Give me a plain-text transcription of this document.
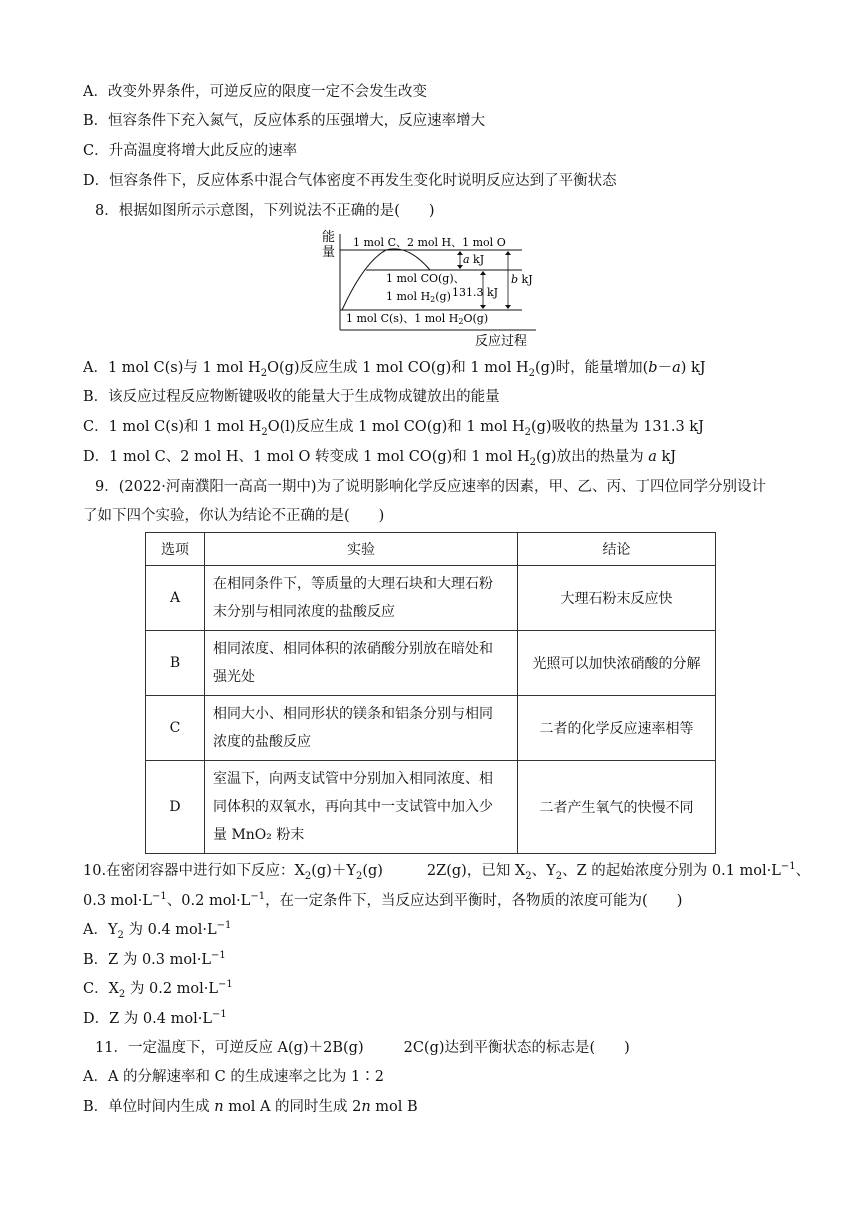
A．改变外界条件，可逆反应的限度一定不会发生改变
B．恒容条件下充入氮气，反应体系的压强增大，反应速率增大
C．升高温度将增大此反应的速率
D．恒容条件下，反应体系中混合气体密度不再发生变化时说明反应达到了平衡状态
8．根据如图所示示意图，下列说法不正确的是(　　)
能
量
反应过程
1 mol C、2 mol H、1 mol O
1 mol CO(g)、
1 mol H2(g)
1 mol C(s)、1 mol H2O(g)
a kJ
131.3 kJ
b kJ
A．1 mol C(s)与 1 mol $H_2O(g)$反应生成 1 mol CO(g)和 1 mol $H_2(g)$时，能量增加(b－a) kJ
B．该反应过程反应物断键吸收的能量大于生成物成键放出的能量
C．1 mol C(s)和 1 mol $H_2O(l)$反应生成 1 mol CO(g)和 1 mol $H_2(g)$吸收的热量为 131.3 kJ
D．1 mol C、2 mol H、1 mol O 转变成 1 mol CO(g)和 1 mol $H_2(g)$放出的热量为 a kJ
9．(2022·河南濮阳一高高一期中)为了说明影响化学反应速率的因素，甲、乙、丙、丁四位同学分别设计
了如下四个实验，你认为结论不正确的是(　　)
选项	实验	结论
A	在相同条件下，等质量的大理石块和大理石粉
末分别与相同浓度的盐酸反应	大理石粉末反应快
B	相同浓度、相同体积的浓硝酸分别放在暗处和
强光处	光照可以加快浓硝酸的分解
C	相同大小、相同形状的镁条和铝条分别与相同
浓度的盐酸反应	二者的化学反应速率相等
D	室温下，向两支试管中分别加入相同浓度、相
同体积的双氧水，再向其中一支试管中加入少
量 MnO₂ 粉末	二者产生氧气的快慢不同
10.在密闭容器中进行如下反应：$X_2(g)+Y_2(g)$	2Z(g)，已知 $X_2$、$Y_2$、Z 的起始浓度分别为 0.1 $mol\cdot L^{-1}$、
0.3 $mol\cdot L^{-1}$、0.2 $mol\cdot L^{-1}$，在一定条件下，当反应达到平衡时，各物质的浓度可能为(　　)
A．$Y_2$ 为 0.4 $mol\cdot L^{-1}$
B．Z 为 0.3 $mol\cdot L^{-1}$
C．$X_2$ 为 0.2 $mol\cdot L^{-1}$
D．Z 为 0.4 $mol\cdot L^{-1}$
11．一定温度下，可逆反应 A(g)＋2B(g)	2C(g)达到平衡状态的标志是(　　)
A．A 的分解速率和 C 的生成速率之比为 1∶2
B．单位时间内生成 n mol A 的同时生成 2n mol B
